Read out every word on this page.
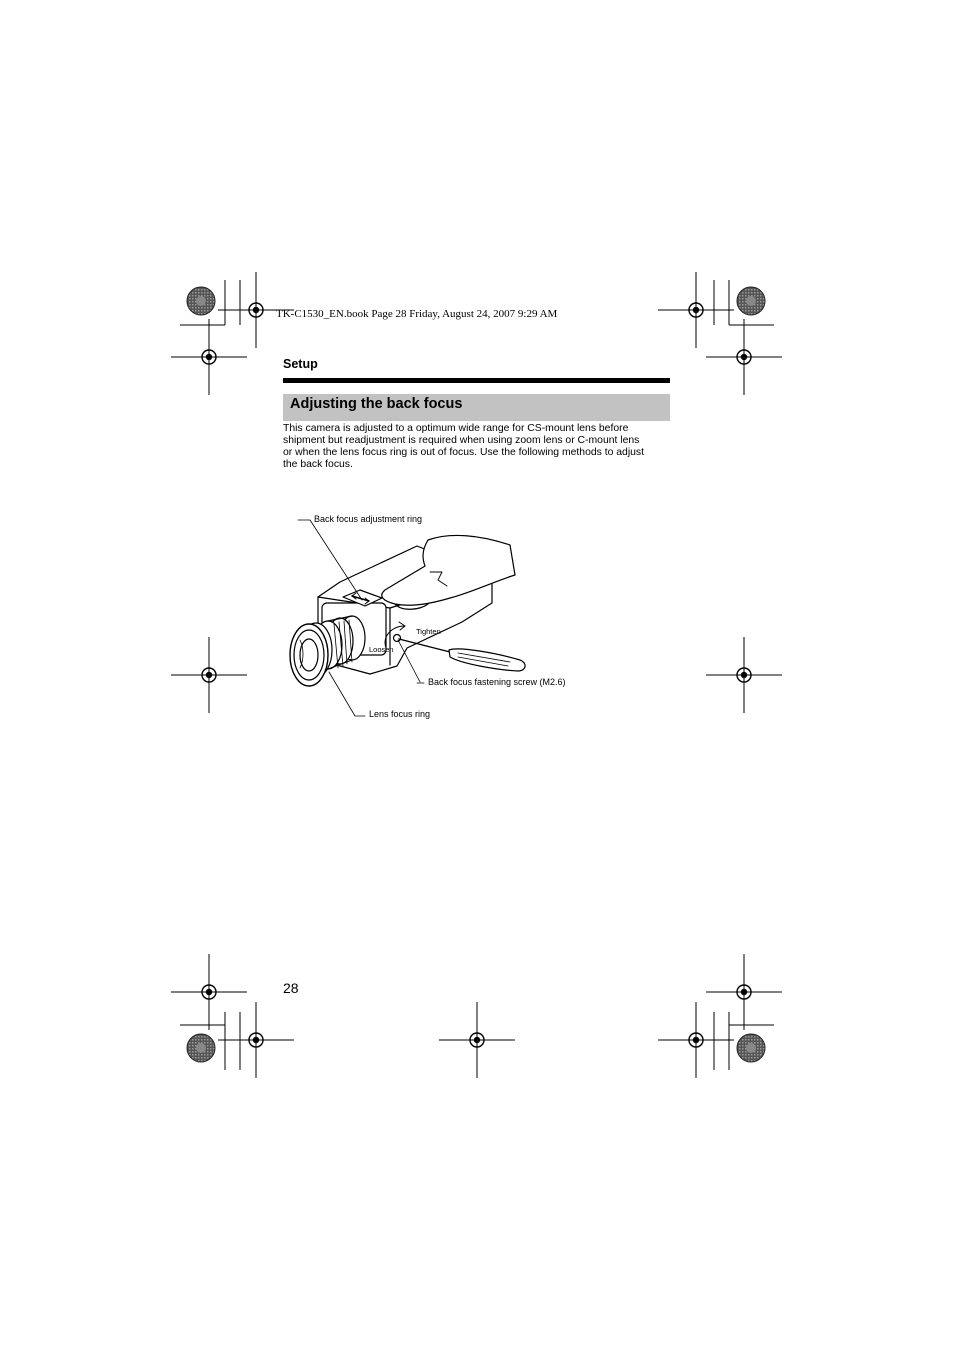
TK-C1530_EN.book Page 28 Friday, August 24, 2007 9:29 AM
Setup
Adjusting the back focus

This camera is adjusted to a optimum wide range for CS-mount lens before

shipment but readjustment is required when using zoom lens or C-mount lens

or when the lens focus ring is out of focus. Use the following methods to adjust

the back focus.

Back focus adjustment ring
Tighten
Loosen
Back focus fastening screw (M2.6)
Lens focus ring
28
